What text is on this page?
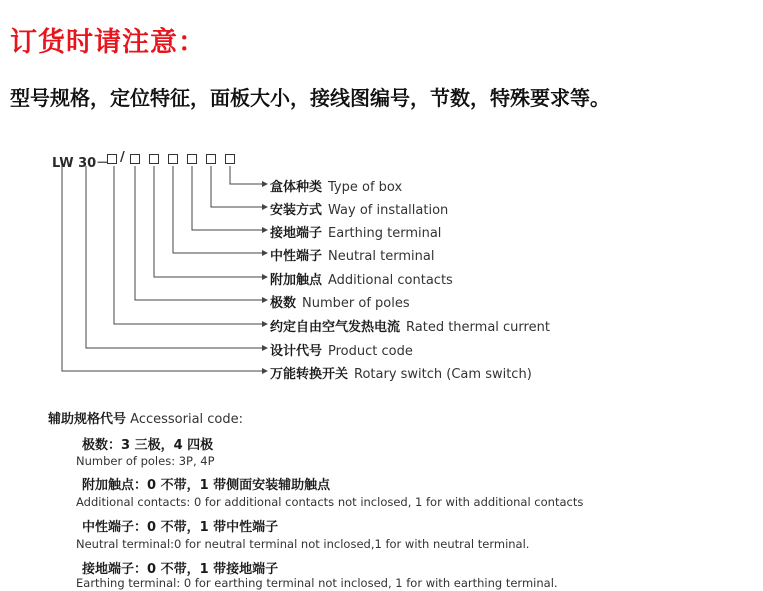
订货时请注意：
型号规格，定位特征，面板大小，接线图编号，节数，特殊要求等。
LW 30－ /
盒体种类 Type of box
安装方式 Way of installation
接地端子 Earthing terminal
中性端子 Neutral terminal
附加触点 Additional contacts
极数 Number of poles
约定自由空气发热电流 Rated thermal current
设计代号 Product code
万能转换开关 Rotary switch (Cam switch)
辅助规格代号 Accessorial code:
极数：3 三极，4 四极
Number of poles: 3P, 4P
附加触点：0 不带，1 带侧面安装辅助触点
Additional contacts: 0 for additional contacts not inclosed, 1 for with additional contacts
中性端子：0 不带，1 带中性端子
Neutral terminal:0 for neutral terminal not inclosed,1 for with neutral terminal.
接地端子：0 不带，1 带接地端子
Earthing terminal: 0 for earthing terminal not inclosed, 1 for with earthing terminal.
